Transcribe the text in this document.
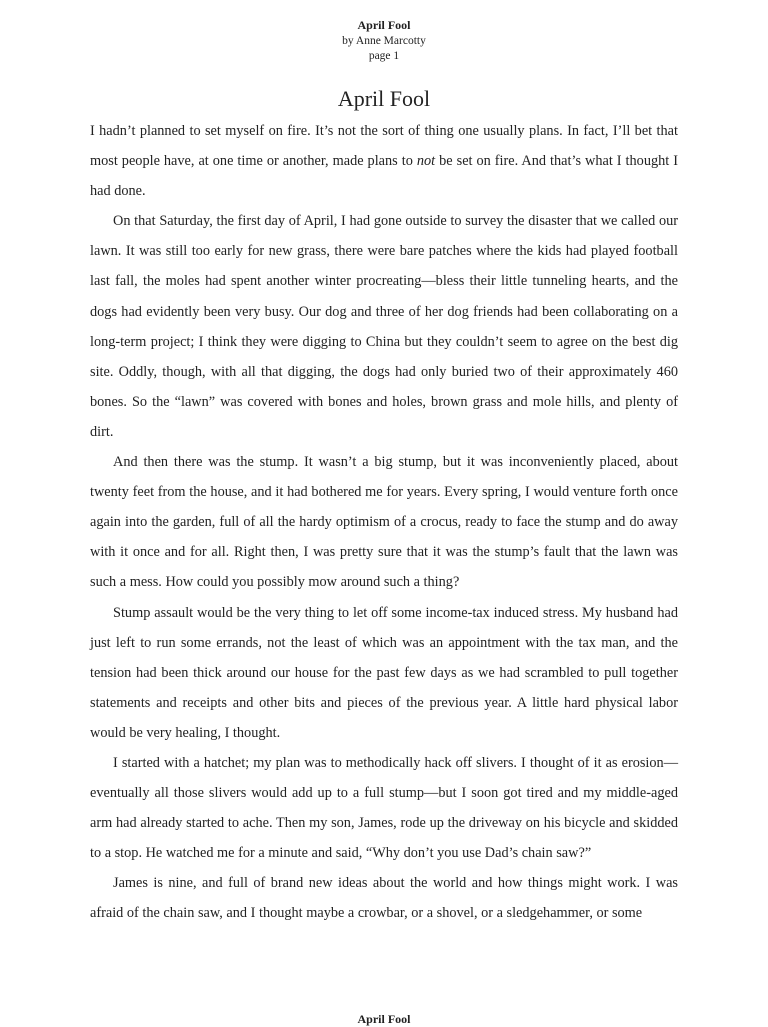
April Fool
by Anne Marcotty
page 1
April Fool

I hadn’t planned to set myself on fire. It’s not the sort of thing one usually plans. In fact, I’ll bet that most people have, at one time or another, made plans to not be set on fire. And that’s what I thought I had done.

On that Saturday, the first day of April, I had gone outside to survey the disaster that we called our lawn. It was still too early for new grass, there were bare patches where the kids had played football last fall, the moles had spent another winter procreating—bless their little tunneling hearts, and the dogs had evidently been very busy. Our dog and three of her dog friends had been collaborating on a long-term project; I think they were digging to China but they couldn’t seem to agree on the best dig site. Oddly, though, with all that digging, the dogs had only buried two of their approximately 460 bones. So the “lawn” was covered with bones and holes, brown grass and mole hills, and plenty of dirt.

And then there was the stump. It wasn’t a big stump, but it was inconveniently placed, about twenty feet from the house, and it had bothered me for years. Every spring, I would venture forth once again into the garden, full of all the hardy optimism of a crocus, ready to face the stump and do away with it once and for all. Right then, I was pretty sure that it was the stump’s fault that the lawn was such a mess. How could you possibly mow around such a thing?

Stump assault would be the very thing to let off some income-tax induced stress. My husband had just left to run some errands, not the least of which was an appointment with the tax man, and the tension had been thick around our house for the past few days as we had scrambled to pull together statements and receipts and other bits and pieces of the previous year. A little hard physical labor would be very healing, I thought.

I started with a hatchet; my plan was to methodically hack off slivers. I thought of it as erosion—eventually all those slivers would add up to a full stump—but I soon got tired and my middle-aged arm had already started to ache. Then my son, James, rode up the driveway on his bicycle and skidded to a stop. He watched me for a minute and said, “Why don’t you use Dad’s chain saw?”

James is nine, and full of brand new ideas about the world and how things might work. I was afraid of the chain saw, and I thought maybe a crowbar, or a shovel, or a sledgehammer, or some

April Fool
